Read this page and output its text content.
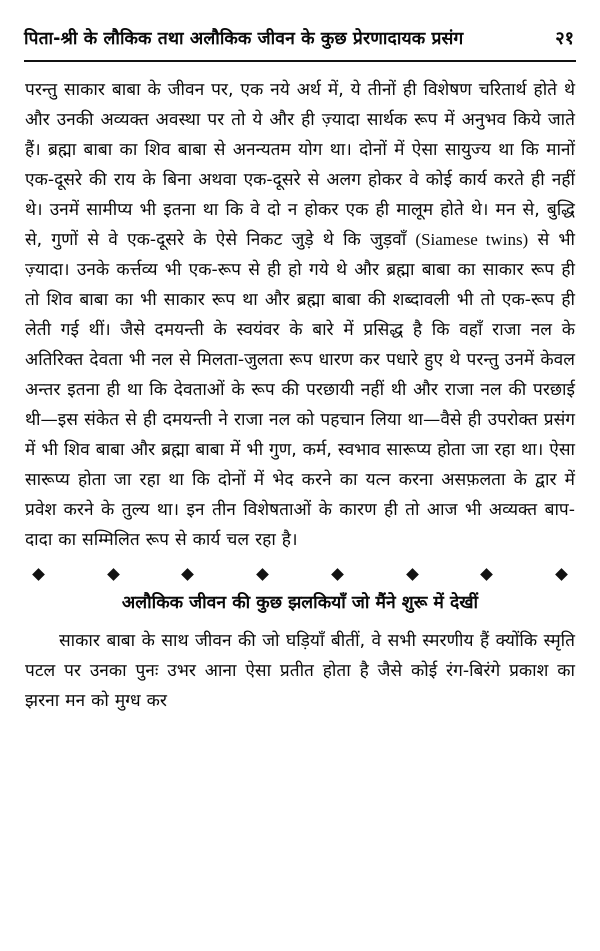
पिता-श्री के लौकिक तथा अलौकिक जीवन के कुछ प्रेरणादायक प्रसंग	२१

परन्तु साकार बाबा के जीवन पर, एक नये अर्थ में, ये तीनों ही विशेषण चरितार्थ होते थे और उनकी अव्यक्त अवस्था पर तो ये और ही ज़्यादा सार्थक रूप में अनुभव किये जाते हैं। ब्रह्मा बाबा का शिव बाबा से अनन्यतम योग था। दोनों में ऐसा सायुज्य था कि मानों एक-दूसरे की राय के बिना अथवा एक-दूसरे से अलग होकर वे कोई कार्य करते ही नहीं थे। उनमें सामीप्य भी इतना था कि वे दो न होकर एक ही मालूम होते थे। मन से, बुद्धि से, गुणों से वे एक-दूसरे के ऐसे निकट जुड़े थे कि जुड़वाँ (Siamese twins) से भी ज़्यादा। उनके कर्त्तव्य भी एक-रूप से ही हो गये थे और ब्रह्मा बाबा का साकार रूप ही तो शिव बाबा का भी साकार रूप था और ब्रह्मा बाबा की शब्दावली भी तो एक-रूप ही लेती गई थीं। जैसे दमयन्ती के स्वयंवर के बारे में प्रसिद्ध है कि वहाँ राजा नल के अतिरिक्त देवता भी नल से मिलता-जुलता रूप धारण कर पधारे हुए थे परन्तु उनमें केवल अन्तर इतना ही था कि देवताओं के रूप की परछायी नहीं थी और राजा नल की परछाई थी—इस संकेत से ही दमयन्ती ने राजा नल को पहचान लिया था—वैसे ही उपरोक्त प्रसंग में भी शिव बाबा और ब्रह्मा बाबा में भी गुण, कर्म, स्वभाव सारूप्य होता जा रहा था। ऐसा सारूप्य होता जा रहा था कि दोनों में भेद करने का यत्न करना असफ़लता के द्वार में प्रवेश करने के तुल्य था। इन तीन विशेषताओं के कारण ही तो आज भी अव्यक्त बाप-दादा का सम्मिलित रूप से कार्य चल रहा है।

अलौकिक जीवन की कुछ झलकियाँ जो मैंने शुरू में देखीं

साकार बाबा के साथ जीवन की जो घड़ियाँ बीतीं, वे सभी स्मरणीय हैं क्योंकि स्मृति पटल पर उनका पुनः उभर आना ऐसा प्रतीत होता है जैसे कोई रंग-बिरंगे प्रकाश का झरना मन को मुग्ध कर
